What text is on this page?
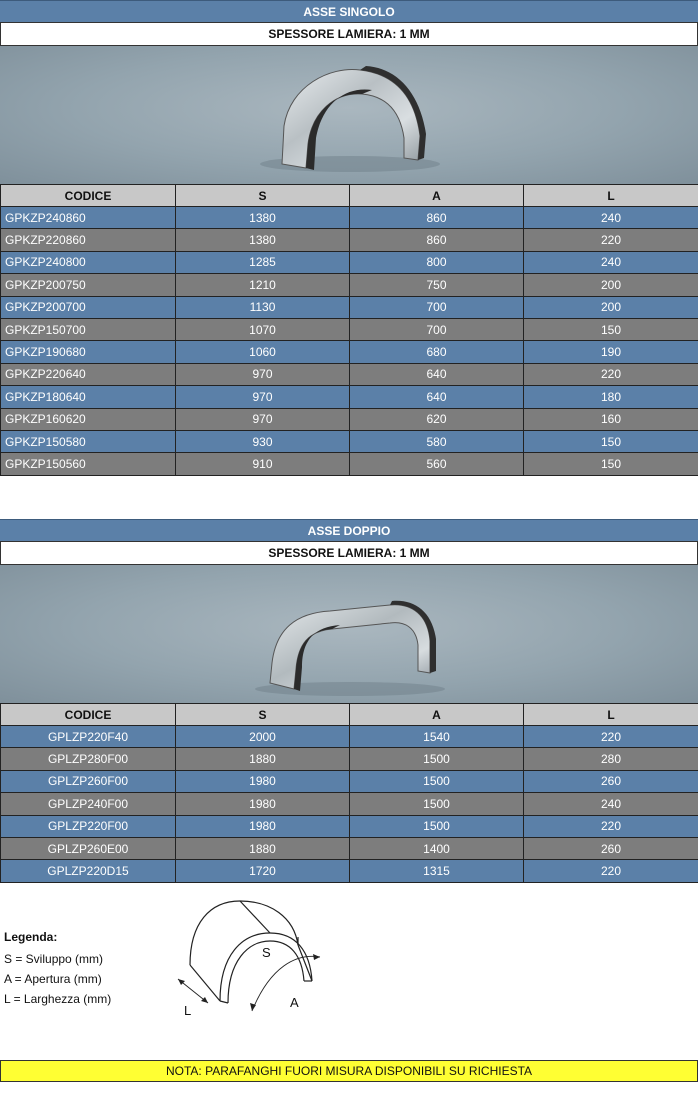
ASSE SINGOLO
SPESSORE LAMIERA: 1 MM
CODICE	S	A	L
GPKZP240860	1380	860	240
GPKZP220860	1380	860	220
GPKZP240800	1285	800	240
GPKZP200750	1210	750	200
GPKZP200700	1130	700	200
GPKZP150700	1070	700	150
GPKZP190680	1060	680	190
GPKZP220640	970	640	220
GPKZP180640	970	640	180
GPKZP160620	970	620	160
GPKZP150580	930	580	150
GPKZP150560	910	560	150
ASSE DOPPIO
SPESSORE LAMIERA: 1 MM
CODICE	S	A	L
GPLZP220F40	2000	1540	220
GPLZP280F00	1880	1500	280
GPLZP260F00	1980	1500	260
GPLZP240F00	1980	1500	240
GPLZP220F00	1980	1500	220
GPLZP260E00	1880	1400	260
GPLZP220D15	1720	1315	220
Legenda:
S = Sviluppo (mm)
A = Apertura (mm)
L = Larghezza (mm)
S
A
L
NOTA: PARAFANGHI FUORI MISURA DISPONIBILI SU RICHIESTA
